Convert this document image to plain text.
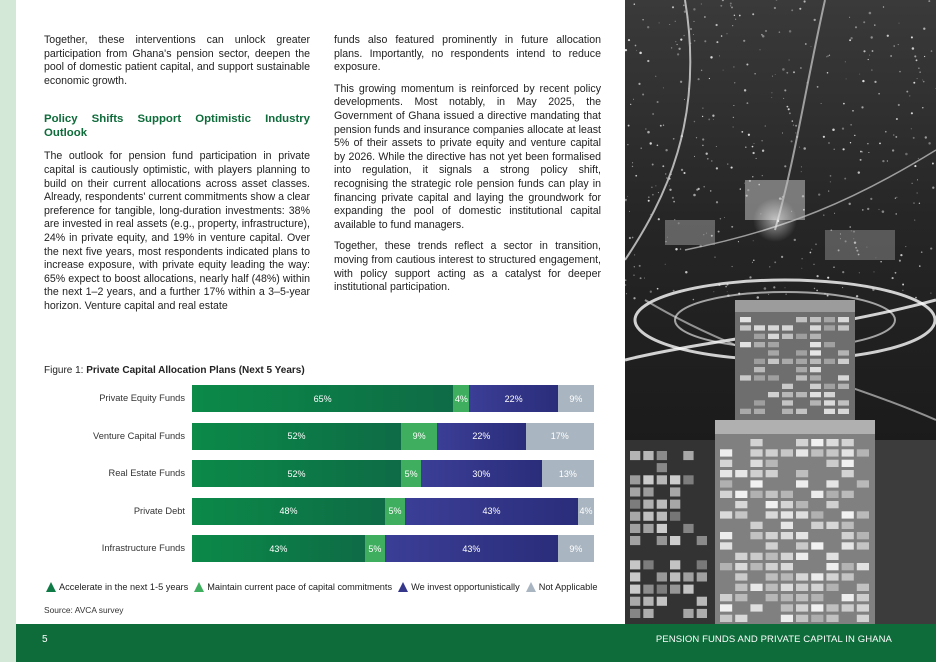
Together, these interventions can unlock greater participation from Ghana's pension sector, deepen the pool of domestic patient capital, and support sustainable economic growth.

Policy Shifts Support Optimistic Industry Outlook

The outlook for pension fund participation in private capital is cautiously optimistic, with players planning to build on their current allocations across asset classes. Already, respondents' current commitments show a clear preference for tangible, long-duration investments: 38% are invested in real assets (e.g., property, infrastructure), 24% in private equity, and 19% in venture capital. Over the next five years, most respondents indicated plans to increase exposure, with private equity leading the way: 65% expect to boost allocations, nearly half (48%) within the next 1–2 years, and a further 17% within a 3–5-year horizon. Venture capital and real estate

funds also featured prominently in future allocation plans. Importantly, no respondents intend to reduce exposure.

This growing momentum is reinforced by recent policy developments. Most notably, in May 2025, the Government of Ghana issued a directive mandating that pension funds and insurance companies allocate at least 5% of their assets to private equity and venture capital by 2026. While the directive has not yet been formalised into regulation, it signals a strong policy shift, recognising the strategic role pension funds can play in financing private capital and laying the groundwork for expanding the pool of domestic institutional capital available to fund managers.

Together, these trends reflect a sector in transition, moving from cautious interest to structured engagement, with policy support acting as a catalyst for deeper institutional participation.

Figure 1: Private Capital Allocation Plans (Next 5 Years)
Private Equity Funds	65%	4%	22%	9%
Venture Capital Funds	52%	9%	22%	17%
Real Estate Funds	52%	5%	30%	13%
Private Debt	48%	5%	43%	4%
Infrastructure Funds	43%	5%	43%	9%
Accelerate in the next 1-5 years Maintain current pace of capital commitments We invest opportunistically Not Applicable
Source: AVCA survey
5	PENSION FUNDS AND PRIVATE CAPITAL IN GHANA
